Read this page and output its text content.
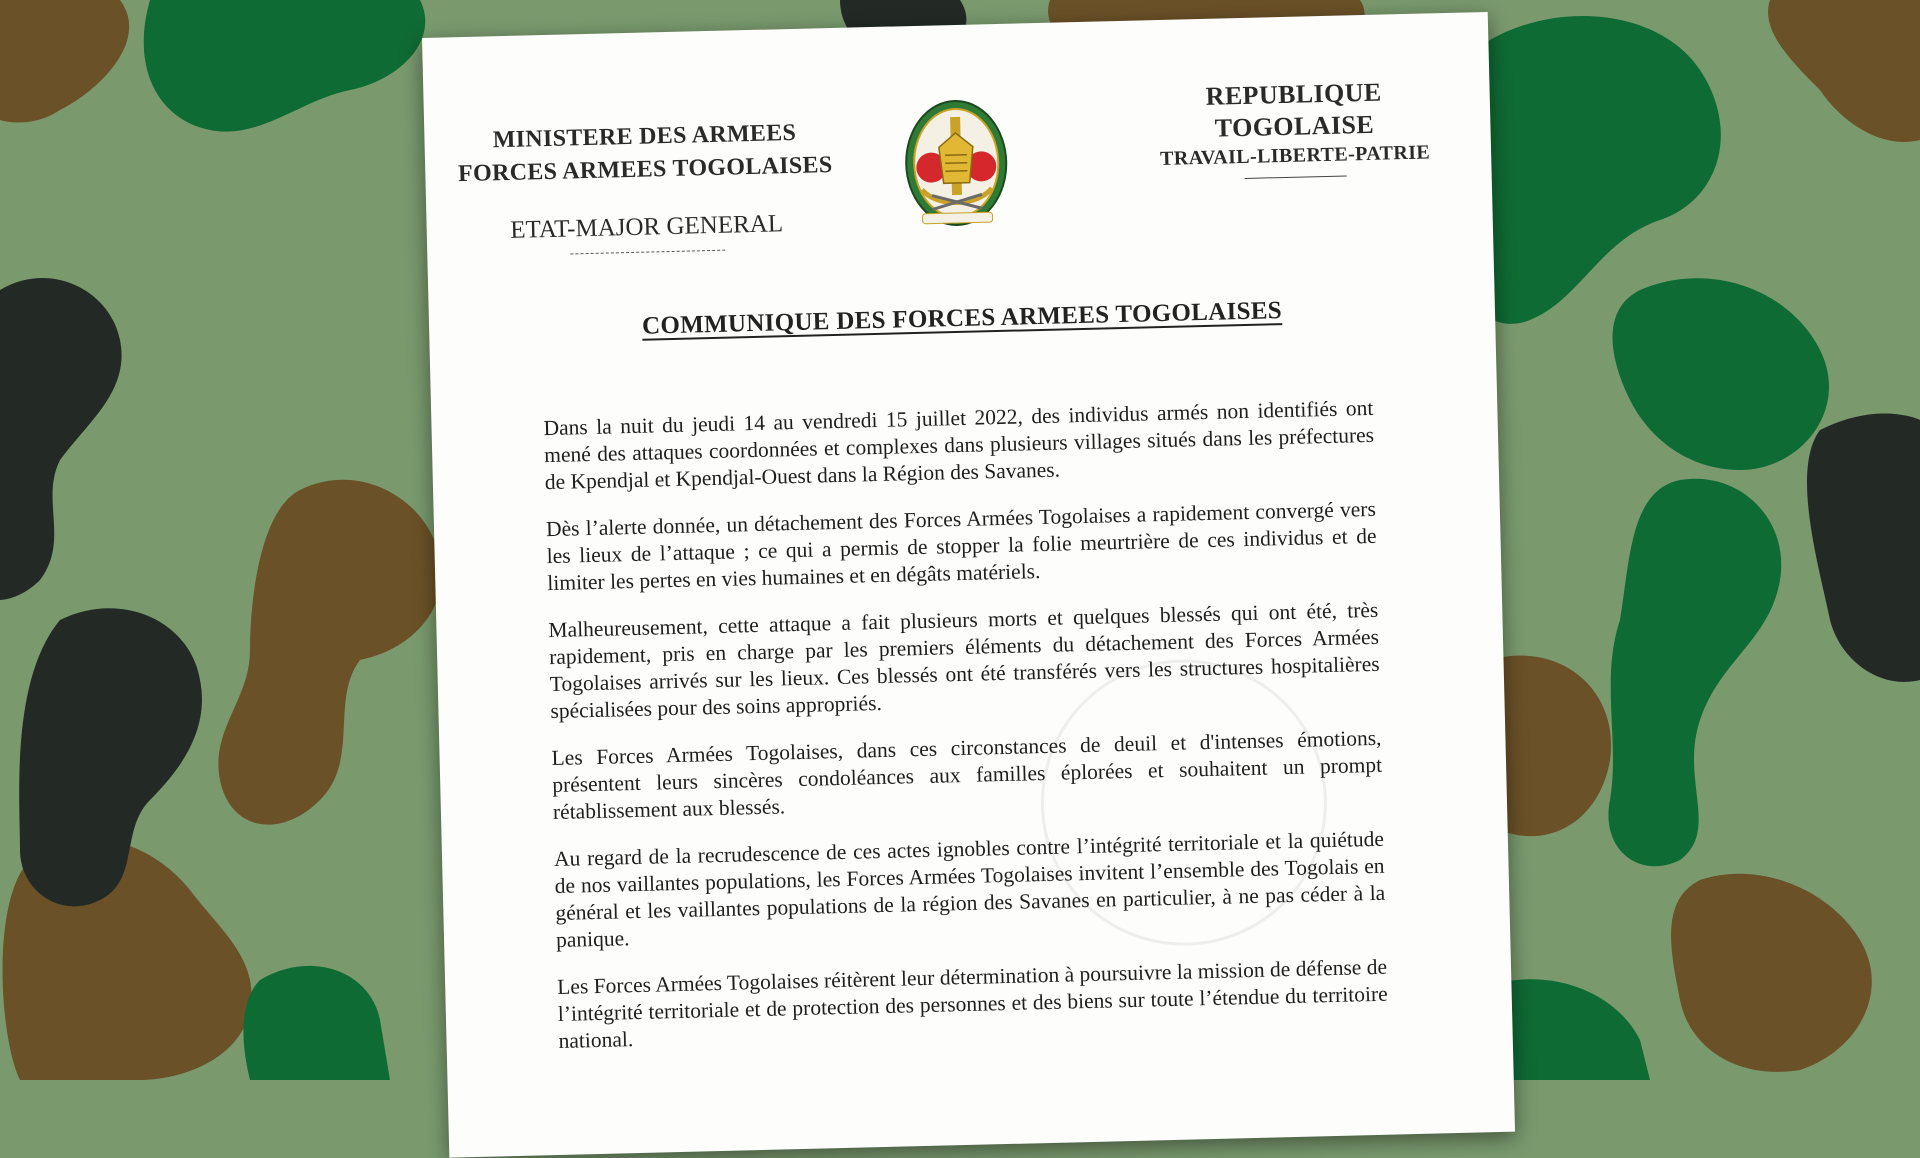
MINISTERE DES ARMEES
FORCES ARMEES TOGOLAISES
ETAT-MAJOR GENERAL
REPUBLIQUE TOGOLAISE
TRAVAIL-LIBERTE-PATRIE
COMMUNIQUE DES FORCES ARMEES TOGOLAISES

Dans la nuit du jeudi 14 au vendredi 15 juillet 2022, des individus armés non identifiés ont mené des attaques coordonnées et complexes dans plusieurs villages situés dans les préfectures de Kpendjal et Kpendjal-Ouest dans la Région des Savanes.

Dès l’alerte donnée, un détachement des Forces Armées Togolaises a rapidement convergé vers les lieux de l’attaque ; ce qui a permis de stopper la folie meurtrière de ces individus et de limiter les pertes en vies humaines et en dégâts matériels.

Malheureusement, cette attaque a fait plusieurs morts et quelques blessés qui ont été, très rapidement, pris en charge par les premiers éléments du détachement des Forces Armées Togolaises arrivés sur les lieux. Ces blessés ont été transférés vers les structures hospitalières spécialisées pour des soins appropriés.

Les Forces Armées Togolaises, dans ces circonstances de deuil et d'intenses émotions, présentent leurs sincères condoléances aux familles éplorées et souhaitent un prompt rétablissement aux blessés.

Au regard de la recrudescence de ces actes ignobles contre l’intégrité territoriale et la quiétude de nos vaillantes populations, les Forces Armées Togolaises invitent l’ensemble des Togolais en général et les vaillantes populations de la région des Savanes en particulier, à ne pas céder à la panique.

Les Forces Armées Togolaises réitèrent leur détermination à poursuivre la mission de défense de l’intégrité territoriale et de protection des personnes et des biens sur toute l’étendue du territoire national.
